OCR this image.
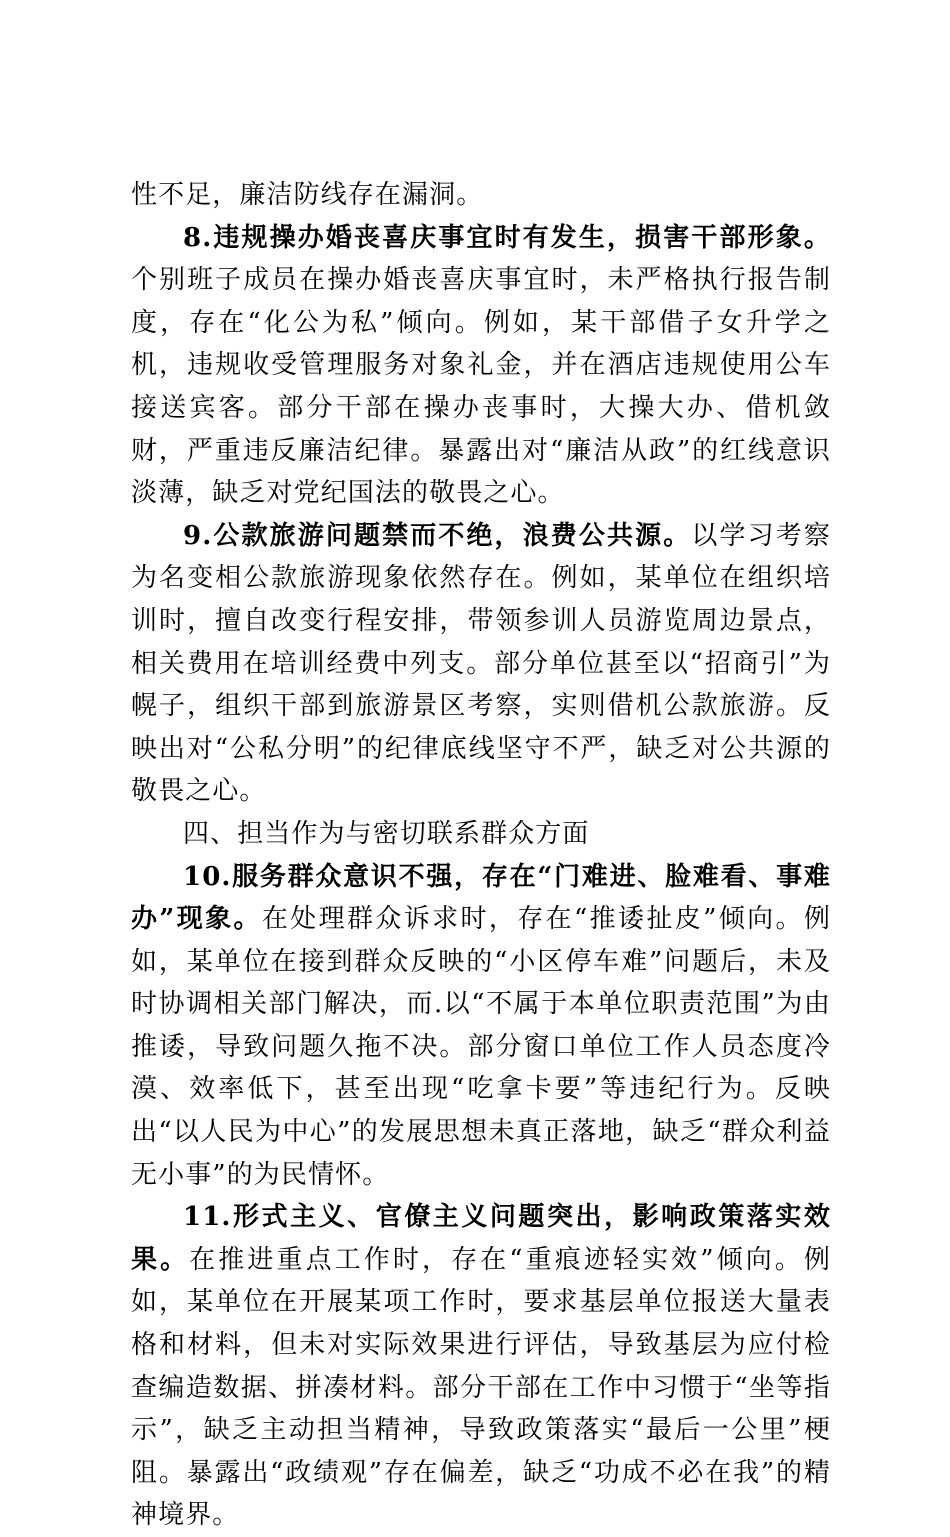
性不足，廉洁防线存在漏洞。

8.违规操办婚丧喜庆事宜时有发生，损害干部形象。个别班子成员在操办婚丧喜庆事宜时，未严格执行报告制度，存在“化公为私”倾向。例如，某干部借子女升学之机，违规收受管理服务对象礼金，并在酒店违规使用公车接送宾客。部分干部在操办丧事时，大操大办、借机敛财，严重违反廉洁纪律。暴露出对“廉洁从政”的红线意识淡薄，缺乏对党纪国法的敬畏之心。

9.公款旅游问题禁而不绝，浪费公共源。以学习考察为名变相公款旅游现象依然存在。例如，某单位在组织培训时，擅自改变行程安排，带领参训人员游览周边景点，相关费用在培训经费中列支。部分单位甚至以“招商引”为幌子，组织干部到旅游景区考察，实则借机公款旅游。反映出对“公私分明”的纪律底线坚守不严，缺乏对公共源的敬畏之心。

四、担当作为与密切联系群众方面

10.服务群众意识不强，存在“门难进、脸难看、事难办”现象。在处理群众诉求时，存在“推诿扯皮”倾向。例如，某单位在接到群众反映的“小区停车难”问题后，未及时协调相关部门解决，而.以“不属于本单位职责范围”为由推诿，导致问题久拖不决。部分窗口单位工作人员态度冷漠、效率低下，甚至出现“吃拿卡要”等违纪行为。反映出“以人民为中心”的发展思想未真正落地，缺乏“群众利益无小事”的为民情怀。

11.形式主义、官僚主义问题突出，影响政策落实效果。在推进重点工作时，存在“重痕迹轻实效”倾向。例如，某单位在开展某项工作时，要求基层单位报送大量表格和材料，但未对实际效果进行评估，导致基层为应付检查编造数据、拼凑材料。部分干部在工作中习惯于“坐等指示”，缺乏主动担当精神，导致政策落实“最后一公里”梗阻。暴露出“政绩观”存在偏差，缺乏“功成不必在我”的精神境界。
